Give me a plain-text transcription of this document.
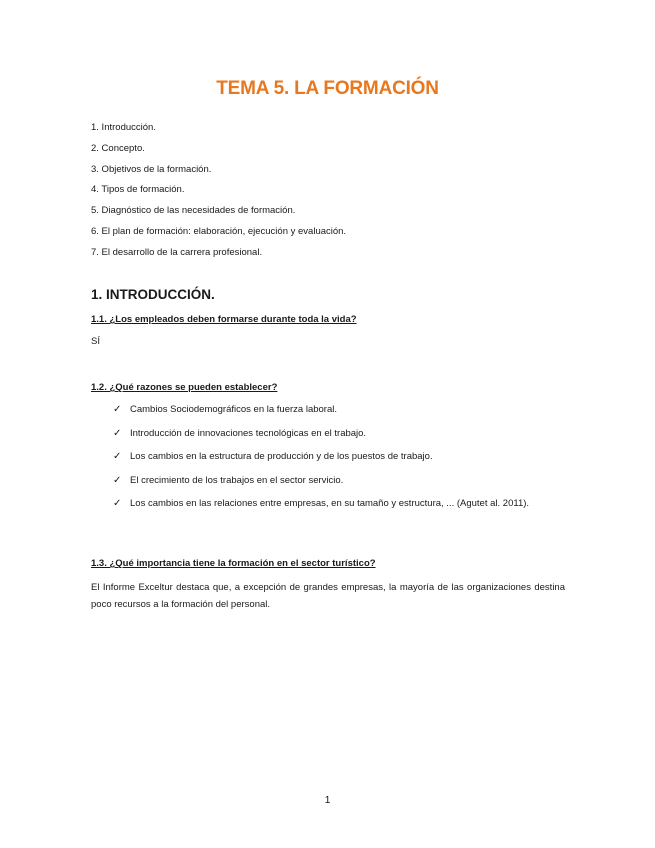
TEMA 5. LA FORMACIÓN
1. Introducción.
2. Concepto.
3. Objetivos de la formación.
4. Tipos de formación.
5. Diagnóstico de las necesidades de formación.
6. El plan de formación: elaboración, ejecución y evaluación.
7. El desarrollo de la carrera profesional.
1. INTRODUCCIÓN.
1.1. ¿Los empleados deben formarse durante toda la vida?

SÍ

1.2. ¿Qué razones se pueden establecer?
✓ Cambios Sociodemográficos en la fuerza laboral.
✓ Introducción de innovaciones tecnológicas en el trabajo.
✓ Los cambios en la estructura de producción y de los puestos de trabajo.
✓ El crecimiento de los trabajos en el sector servicio.
✓ Los cambios en las relaciones entre empresas, en su tamaño y estructura, ... (Agutet al. 2011).
1.3. ¿Qué importancia tiene la formación en el sector turístico?

El Informe Exceltur destaca que, a excepción de grandes empresas, la mayoría de las organizaciones destina poco recursos a la formación del personal.

1
